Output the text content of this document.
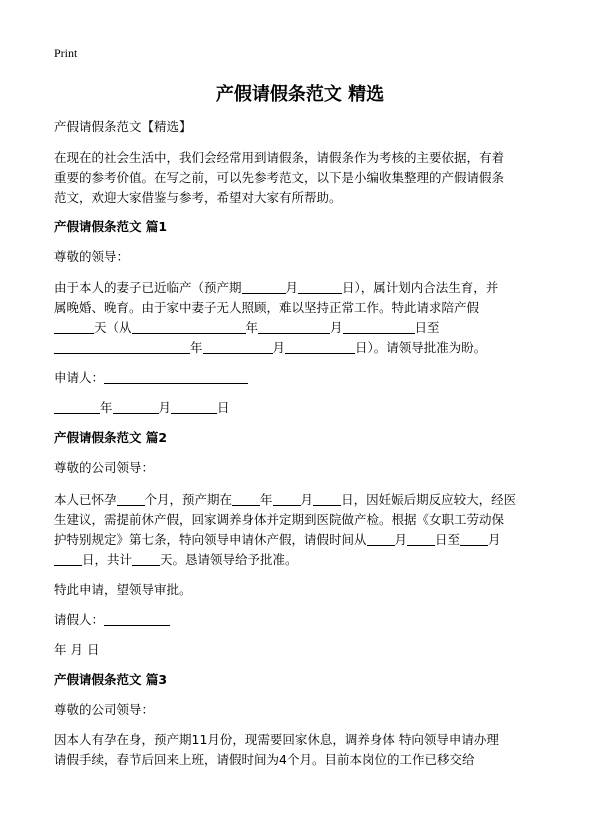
Print
产假请假条范文 精选
产假请假条范文【精选】
在现在的社会生活中，我们会经常用到请假条，请假条作为考核的主要依据，有着
重要的参考价值。在写之前，可以先参考范文，以下是小编收集整理的产假请假条
范文，欢迎大家借鉴与参考，希望对大家有所帮助。
产假请假条范文 篇1
尊敬的领导：
由于本人的妻子已近临产（预产期	月	日），属计划内合法生育，并
属晚婚、晚育。由于家中妻子无人照顾，难以坚持正常工作。特此请求陪产假
天（从	年	月	日至
年	月	日）。请领导批准为盼。
申请人：
年	月	日
产假请假条范文 篇2
尊敬的公司领导：
本人已怀孕 个月，预产期在 年 月 日，因妊娠后期反应较大，经医
生建议，需提前休产假，回家调养身体并定期到医院做产检。根据《女职工劳动保
护特别规定》第七条，特向领导申请休产假，请假时间从 月 日至 月
日，共计 天。恳请领导给予批准。
特此申请，望领导审批。
请假人：
年 月 日
产假请假条范文 篇3
尊敬的公司领导：
因本人有孕在身，预产期11月份，现需要回家休息，调养身体 特向领导申请办理
请假手续，春节后回来上班，请假时间为4个月。目前本岗位的工作已移交给
